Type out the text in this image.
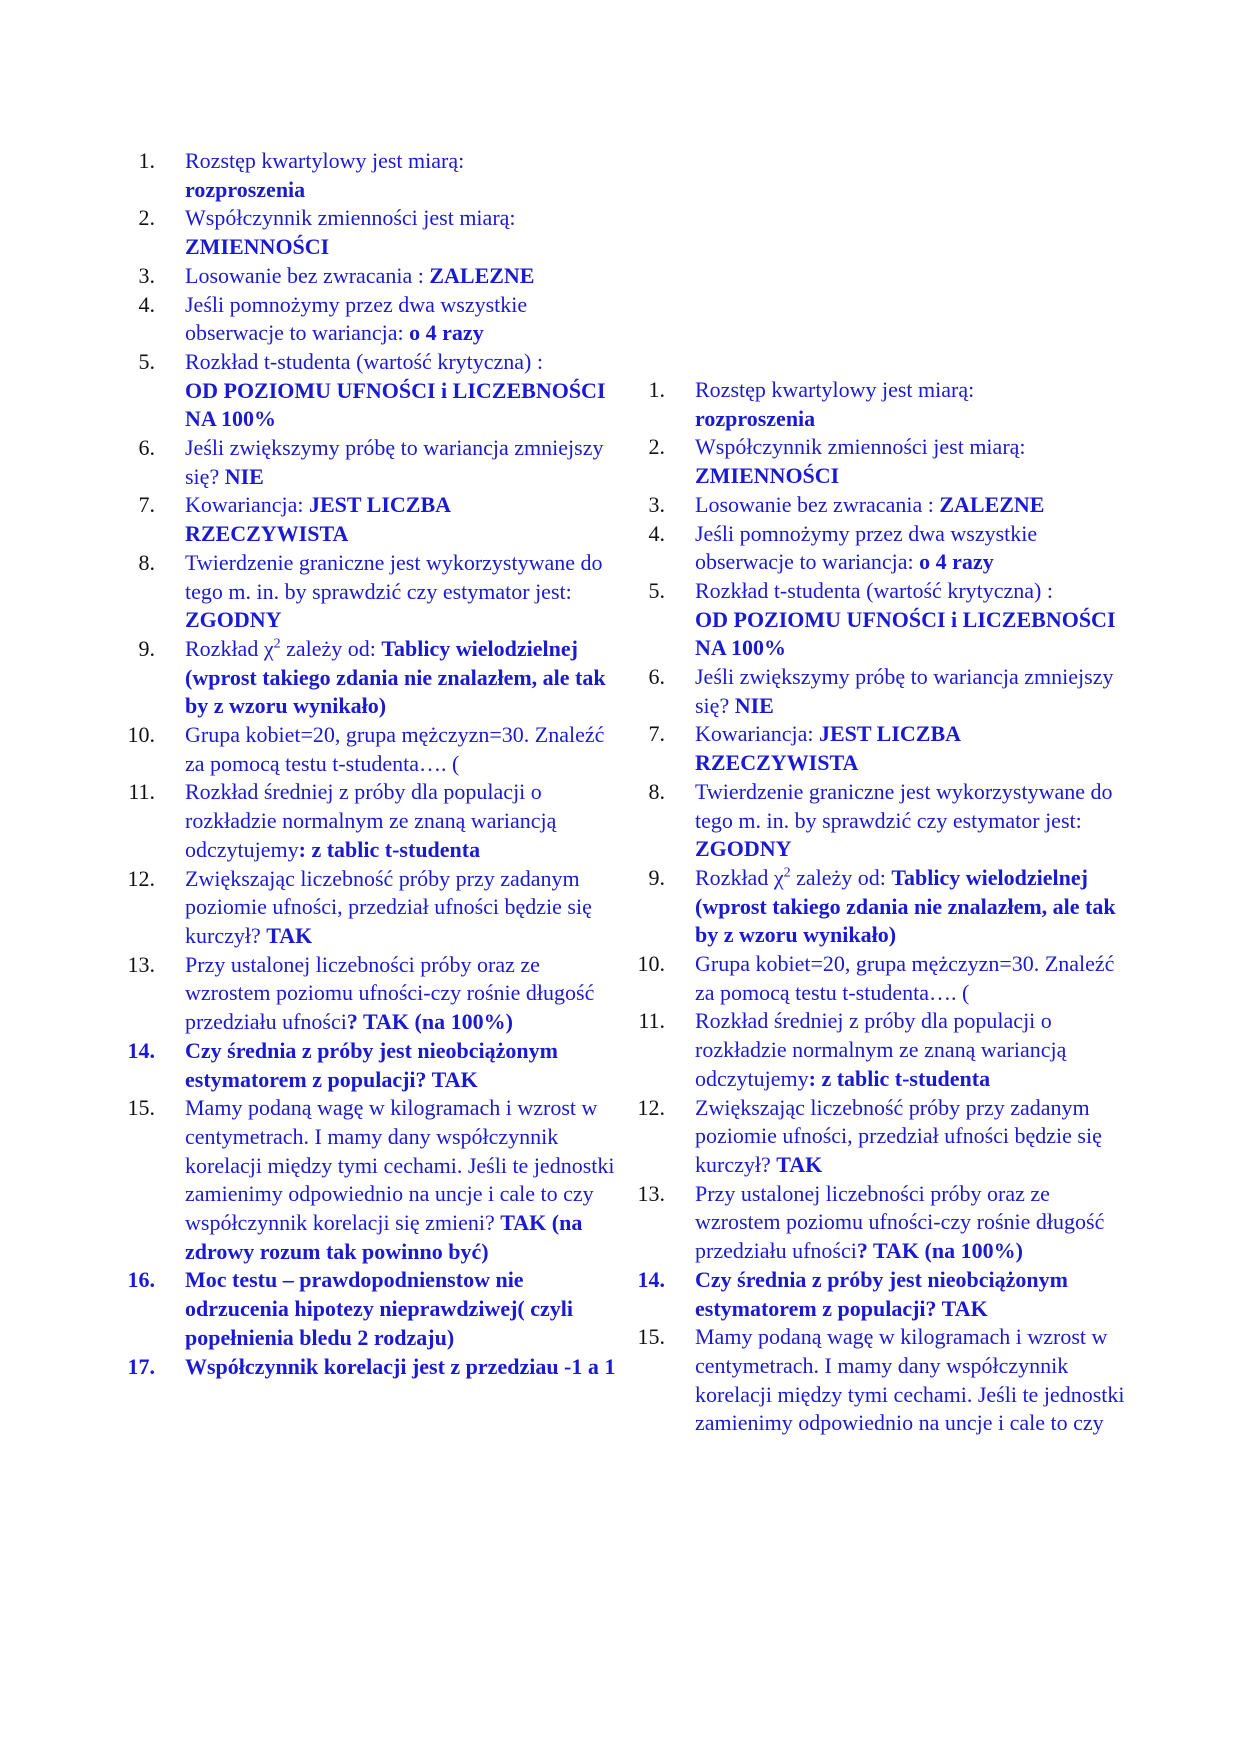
1. Rozstęp kwartylowy jest miarą:
rozproszenia
2. Współczynnik zmienności jest miarą:
ZMIENNOŚCI
3. Losowanie bez zwracania : ZALEZNE
4. Jeśli pomnożymy przez dwa wszystkie obserwacje to wariancja: o 4 razy
5. Rozkład t-studenta (wartość krytyczna) :
OD POZIOMU UFNOŚCI i LICZEBNOŚCI NA 100%
6. Jeśli zwiększymy próbę to wariancja zmniejszy się? NIE
7. Kowariancja: JEST LICZBA RZECZYWISTA
8. Twierdzenie graniczne jest wykorzystywane do tego m. in. by sprawdzić czy estymator jest: ZGODNY
9. Rozkład $\chi^2$ zależy od: Tablicy wielodzielnej (wprost takiego zdania nie znalazłem, ale tak by z wzoru wynikało)
10. Grupa kobiet=20, grupa mężczyzn=30. Znaleźć za pomocą testu t-studenta…. (
11. Rozkład średniej z próby dla populacji o rozkładzie normalnym ze znaną wariancją odczytujemy: z tablic t-studenta
12. Zwiększając liczebność próby przy zadanym poziomie ufności, przedział ufności będzie się kurczył? TAK
13. Przy ustalonej liczebności próby oraz ze wzrostem poziomu ufności-czy rośnie długość przedziału ufności? TAK (na 100%)
14. Czy średnia z próby jest nieobciążonym estymatorem z populacji? TAK
15. Mamy podaną wagę w kilogramach i wzrost w centymetrach. I mamy dany współczynnik korelacji między tymi cechami. Jeśli te jednostki zamienimy odpowiednio na uncje i cale to czy współczynnik korelacji się zmieni? TAK (na zdrowy rozum tak powinno być)
16. Moc testu – prawdopodnienstow nie odrzucenia hipotezy nieprawdziwej( czyli popełnienia bledu 2 rodzaju)
17. Współczynnik korelacji jest z przedziau -1 a 1
1. Rozstęp kwartylowy jest miarą:
rozproszenia
2. Współczynnik zmienności jest miarą:
ZMIENNOŚCI
3. Losowanie bez zwracania : ZALEZNE
4. Jeśli pomnożymy przez dwa wszystkie obserwacje to wariancja: o 4 razy
5. Rozkład t-studenta (wartość krytyczna) :
OD POZIOMU UFNOŚCI i LICZEBNOŚCI NA 100%
6. Jeśli zwiększymy próbę to wariancja zmniejszy się? NIE
7. Kowariancja: JEST LICZBA RZECZYWISTA
8. Twierdzenie graniczne jest wykorzystywane do tego m. in. by sprawdzić czy estymator jest: ZGODNY
9. Rozkład $\chi^2$ zależy od: Tablicy wielodzielnej (wprost takiego zdania nie znalazłem, ale tak by z wzoru wynikało)
10. Grupa kobiet=20, grupa mężczyzn=30. Znaleźć za pomocą testu t-studenta…. (
11. Rozkład średniej z próby dla populacji o rozkładzie normalnym ze znaną wariancją odczytujemy: z tablic t-studenta
12. Zwiększając liczebność próby przy zadanym poziomie ufności, przedział ufności będzie się kurczył? TAK
13. Przy ustalonej liczebności próby oraz ze wzrostem poziomu ufności-czy rośnie długość przedziału ufności? TAK (na 100%)
14. Czy średnia z próby jest nieobciążonym estymatorem z populacji? TAK
15. Mamy podaną wagę w kilogramach i wzrost w centymetrach. I mamy dany współczynnik korelacji między tymi cechami. Jeśli te jednostki zamienimy odpowiednio na uncje i cale to czy
